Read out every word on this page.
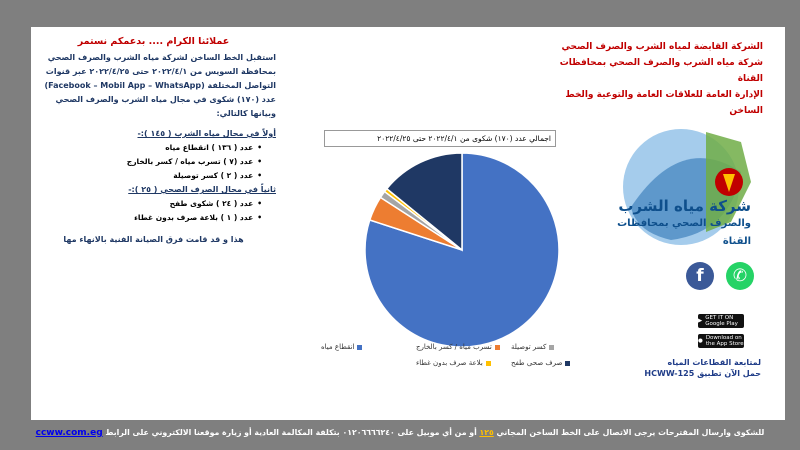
الشركة القابضة لمياه الشرب والصرف الصحي
شركة مياه الشرب والصرف الصحي بمحافظات القناة
الإدارة العامة للعلاقات العامة والتوعية والخط الساخن
عملائنا الكرام .... بدعمكم نستمر
استقبل الخط الساخن لشركة مياه الشرب والصرف الصحي بمحافظة السويس من ٢٠٢٢/٤/١ حتى ٢٠٢٢/٤/٢٥ عبر قنوات التواصل المختلفة (Facebook – Mobil App – WhatsApp) عدد (١٧٠) شكوى في مجال مياه الشرب والصرف الصحي وبيانها كالتالي:
أولاً في مجال مياه الشرب ( ١٤٥ ):-
• عدد ( ١٣٦ ) انقطاع مياه
• عدد (٧ ) تسرب مياه / كسر بالخارج
• عدد ( ٢ ) كسر توصيلة
ثانياً في مجال الصرف الصحي ( ٢٥ ):-
• عدد ( ٢٤ ) شكوى طفح
• عدد ( ١ ) بلاعة صرف بدون غطاء
هذا و قد قامت فرق الصيانة الفنية بالانهاء مها
اجمالي عدد (١٧٠) شكوى من ٢٠٢٢/٤/١ حتى ٢٠٢٢/٤/٢٥
انقطاع مياه	تسرب مياه / كسر بالخارج	كسر توصيلة
بلاعة صرف بدون غطاء	صرف صحى طفح
شركة مياه الشرب
والصرف الصحي بمحافظات القناة
f	✆
▶ GET IT ON Google Play
● Download on the App Store
لمتابعة القطاعات المياه
حمل الآن تطبيق HCWW-125
للشكوى وارسال المقترحات يرجى الاتصال على الخط الساخن المجاني ١٢٥ أو من أي موبيل على ٠١٢٠٦٦٦٦٢٤٠ بتكلفة المكالمة العادية أو زيارة موقعنا الالكتروني على الرابط ccww.com.eg
